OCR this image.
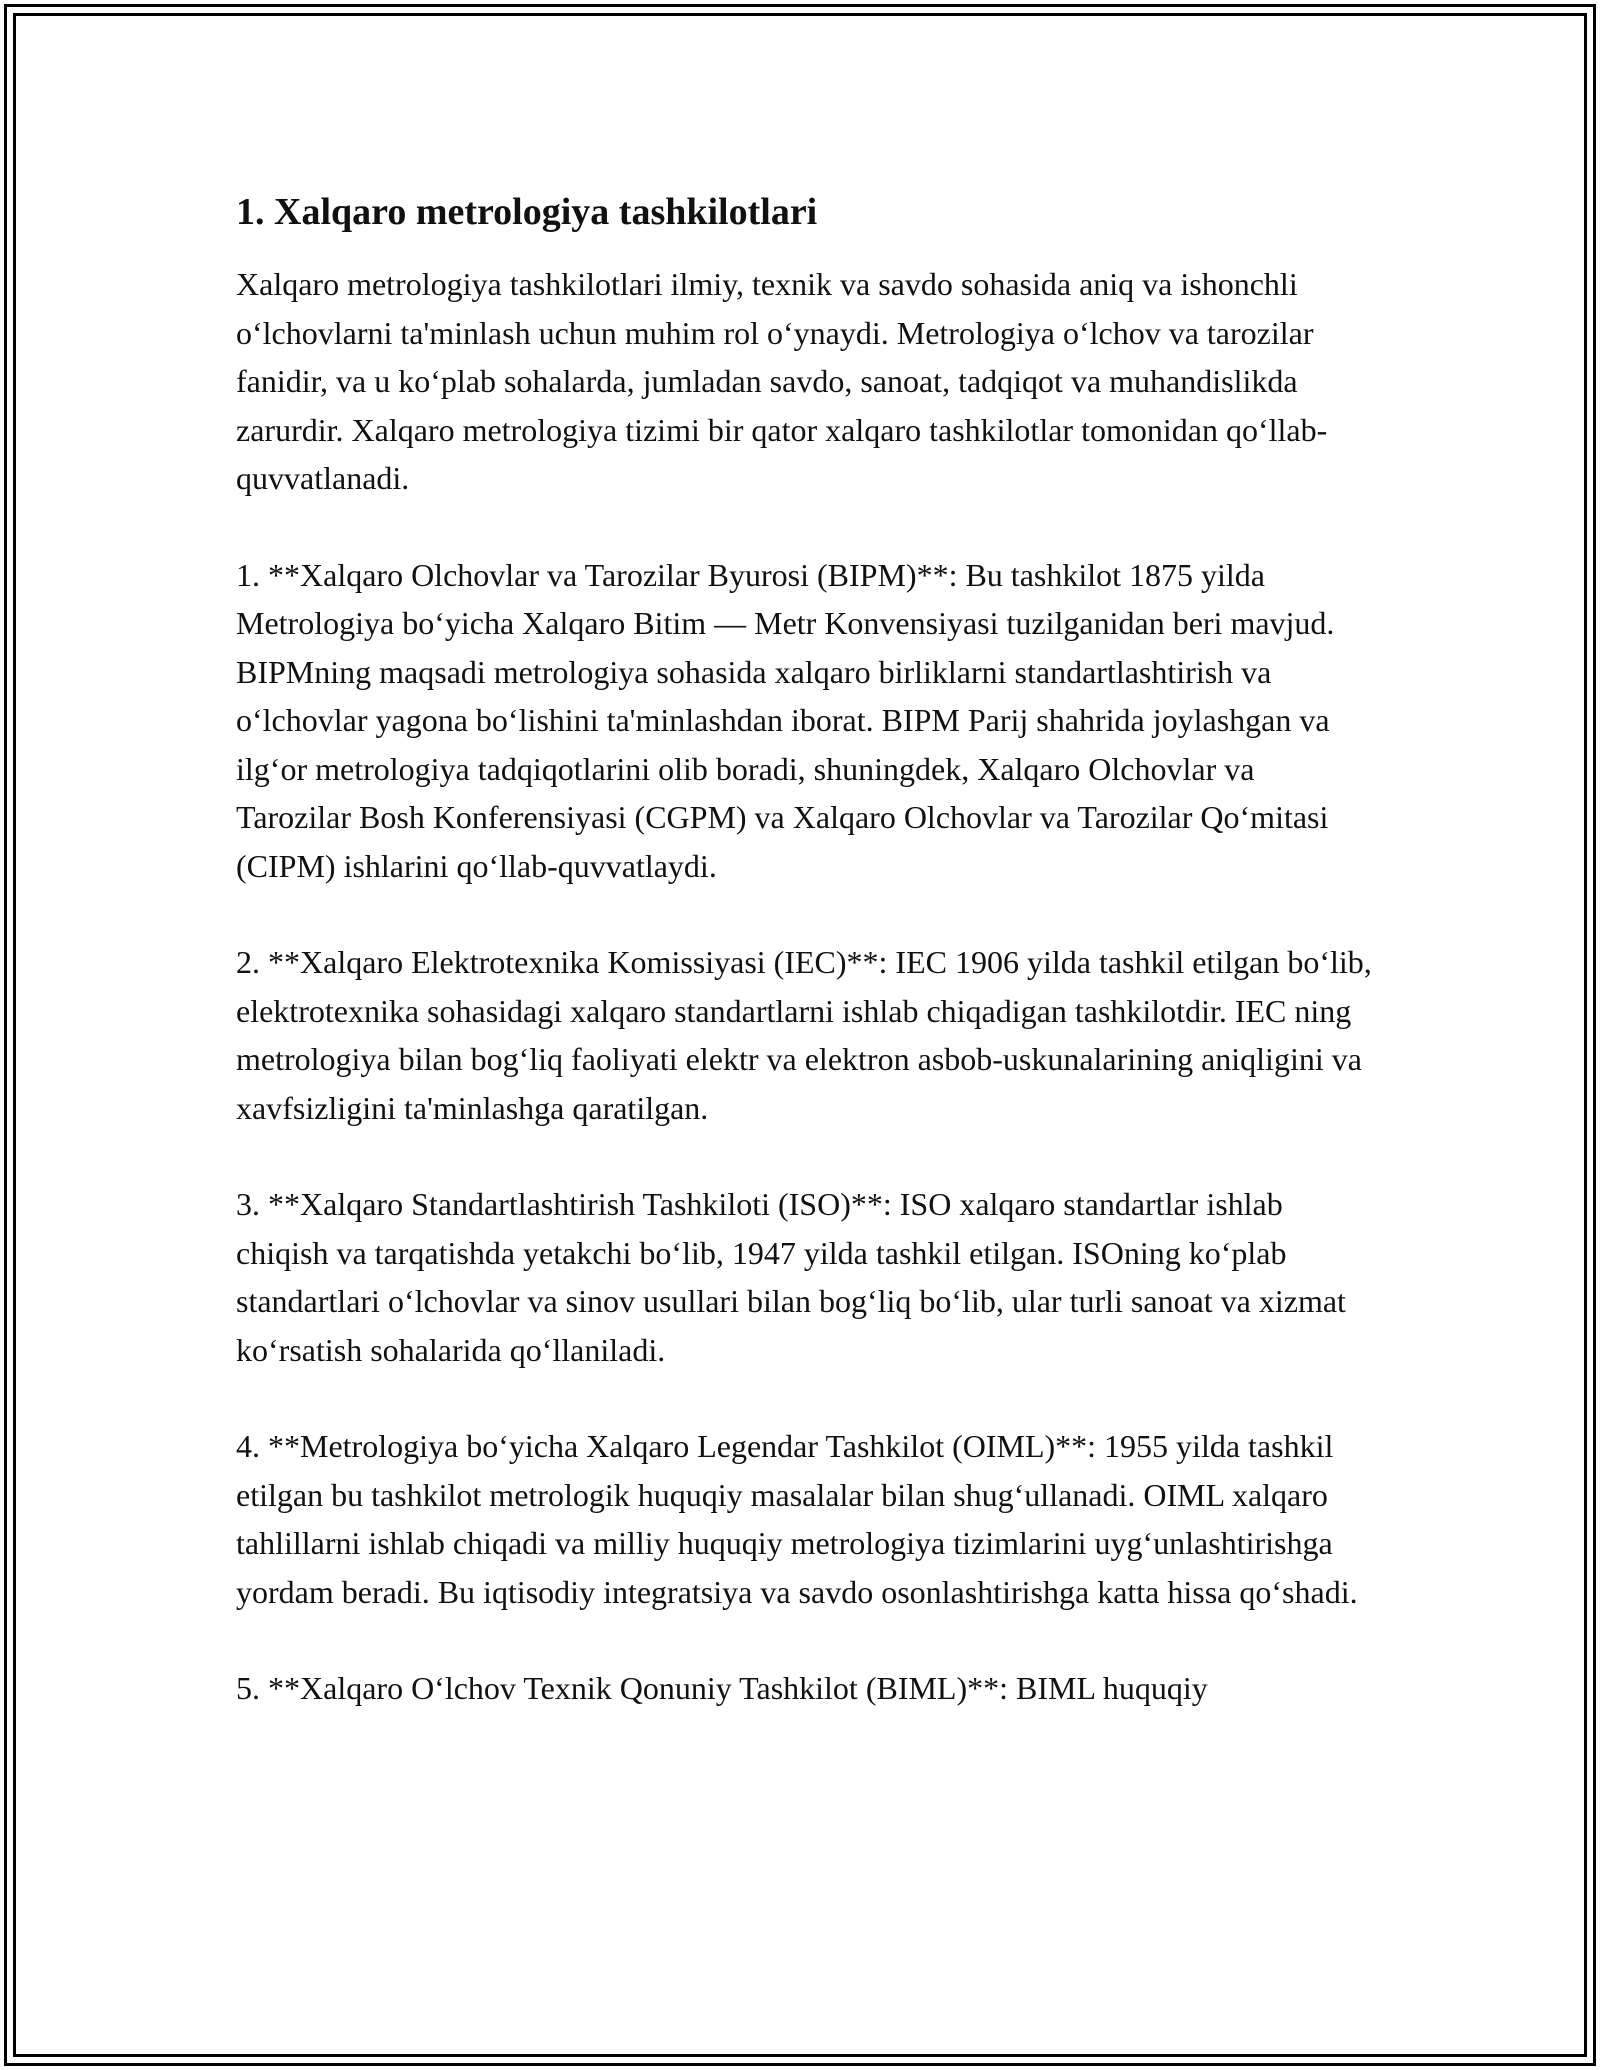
1. Xalqaro metrologiya tashkilotlari

Xalqaro metrologiya tashkilotlari ilmiy, texnik va savdo sohasida aniq va ishonchli o‘lchovlarni ta'minlash uchun muhim rol o‘ynaydi. Metrologiya o‘lchov va tarozilar fanidir, va u ko‘plab sohalarda, jumladan savdo, sanoat, tadqiqot va muhandislikda zarurdir. Xalqaro metrologiya tizimi bir qator xalqaro tashkilotlar tomonidan qo‘llab-quvvatlanadi.

1. **Xalqaro Olchovlar va Tarozilar Byurosi (BIPM)**: Bu tashkilot 1875 yilda Metrologiya bo‘yicha Xalqaro Bitim — Metr Konvensiyasi tuzilganidan beri mavjud. BIPMning maqsadi metrologiya sohasida xalqaro birliklarni standartlashtirish va o‘lchovlar yagona bo‘lishini ta'minlashdan iborat. BIPM Parij shahrida joylashgan va ilg‘or metrologiya tadqiqotlarini olib boradi, shuningdek, Xalqaro Olchovlar va Tarozilar Bosh Konferensiyasi (CGPM) va Xalqaro Olchovlar va Tarozilar Qo‘mitasi (CIPM) ishlarini qo‘llab-quvvatlaydi.

2. **Xalqaro Elektrotexnika Komissiyasi (IEC)**: IEC 1906 yilda tashkil etilgan bo‘lib, elektrotexnika sohasidagi xalqaro standartlarni ishlab chiqadigan tashkilotdir. IEC ning metrologiya bilan bog‘liq faoliyati elektr va elektron asbob-uskunalarining aniqligini va xavfsizligini ta'minlashga qaratilgan.

3. **Xalqaro Standartlashtirish Tashkiloti (ISO)**: ISO xalqaro standartlar ishlab chiqish va tarqatishda yetakchi bo‘lib, 1947 yilda tashkil etilgan. ISOning ko‘plab standartlari o‘lchovlar va sinov usullari bilan bog‘liq bo‘lib, ular turli sanoat va xizmat ko‘rsatish sohalarida qo‘llaniladi.

4. **Metrologiya bo‘yicha Xalqaro Legendar Tashkilot (OIML)**: 1955 yilda tashkil etilgan bu tashkilot metrologik huquqiy masalalar bilan shug‘ullanadi. OIML xalqaro tahlillarni ishlab chiqadi va milliy huquqiy metrologiya tizimlarini uyg‘unlashtirishga yordam beradi. Bu iqtisodiy integratsiya va savdo osonlashtirishga katta hissa qo‘shadi.

5. **Xalqaro O‘lchov Texnik Qonuniy Tashkilot (BIML)**: BIML huquqiy
